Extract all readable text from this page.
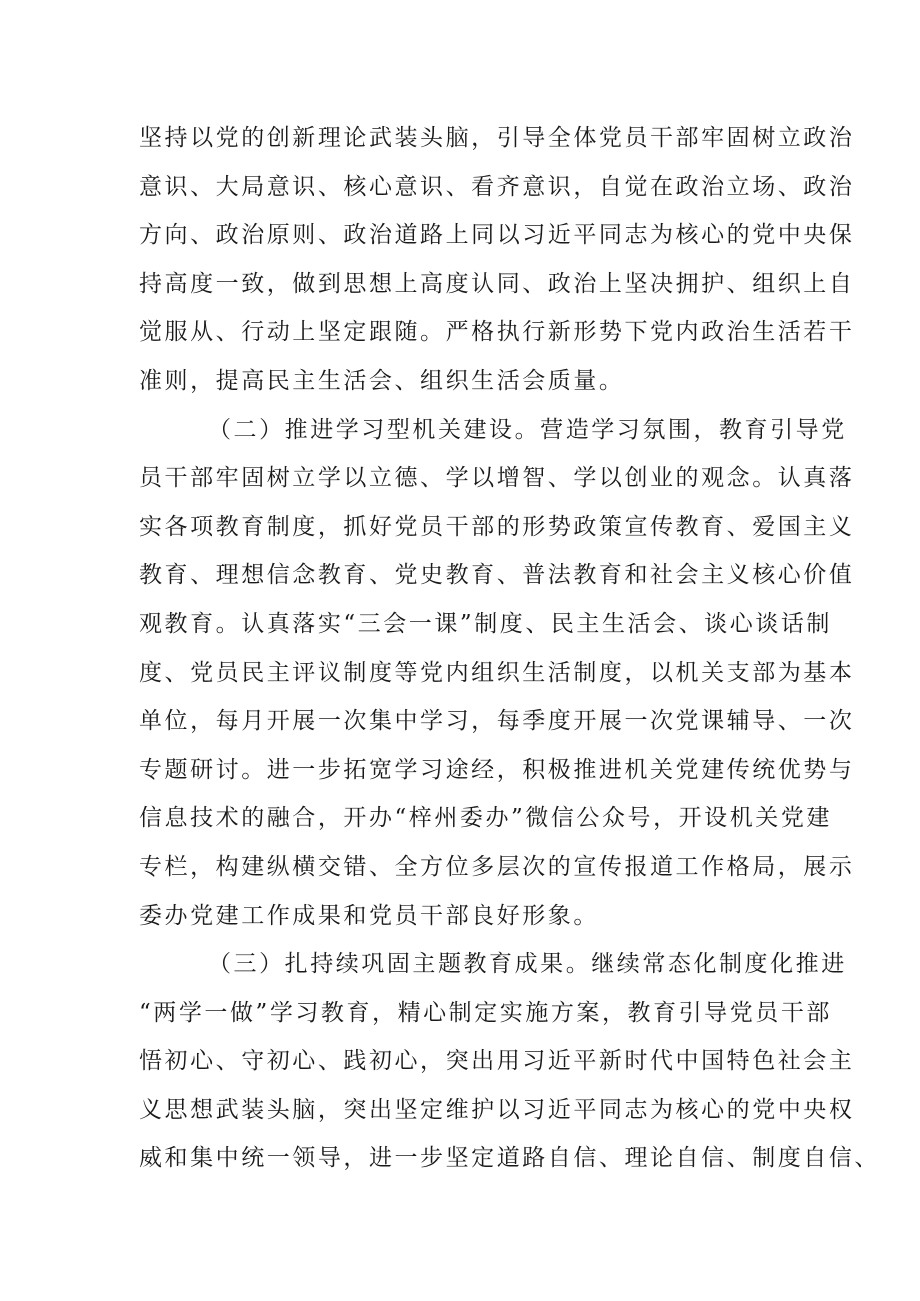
坚持以党的创新理论武装头脑，引导全体党员干部牢固树立政治
意识、大局意识、核心意识、看齐意识，自觉在政治立场、政治
方向、政治原则、政治道路上同以习近平同志为核心的党中央保
持高度一致，做到思想上高度认同、政治上坚决拥护、组织上自
觉服从、行动上坚定跟随。严格执行新形势下党内政治生活若干
准则，提高民主生活会、组织生活会质量。
（二）推进学习型机关建设。营造学习氛围，教育引导党
员干部牢固树立学以立德、学以增智、学以创业的观念。认真落
实各项教育制度，抓好党员干部的形势政策宣传教育、爱国主义
教育、理想信念教育、党史教育、普法教育和社会主义核心价值
观教育。认真落实“三会一课”制度、民主生活会、谈心谈话制
度、党员民主评议制度等党内组织生活制度，以机关支部为基本
单位，每月开展一次集中学习，每季度开展一次党课辅导、一次
专题研讨。进一步拓宽学习途经，积极推进机关党建传统优势与
信息技术的融合，开办“梓州委办”微信公众号，开设机关党建
专栏，构建纵横交错、全方位多层次的宣传报道工作格局，展示
委办党建工作成果和党员干部良好形象。
（三）扎持续巩固主题教育成果。继续常态化制度化推进
“两学一做”学习教育，精心制定实施方案，教育引导党员干部
悟初心、守初心、践初心，突出用习近平新时代中国特色社会主
义思想武装头脑，突出坚定维护以习近平同志为核心的党中央权
威和集中统一领导，进一步坚定道路自信、理论自信、制度自信、
